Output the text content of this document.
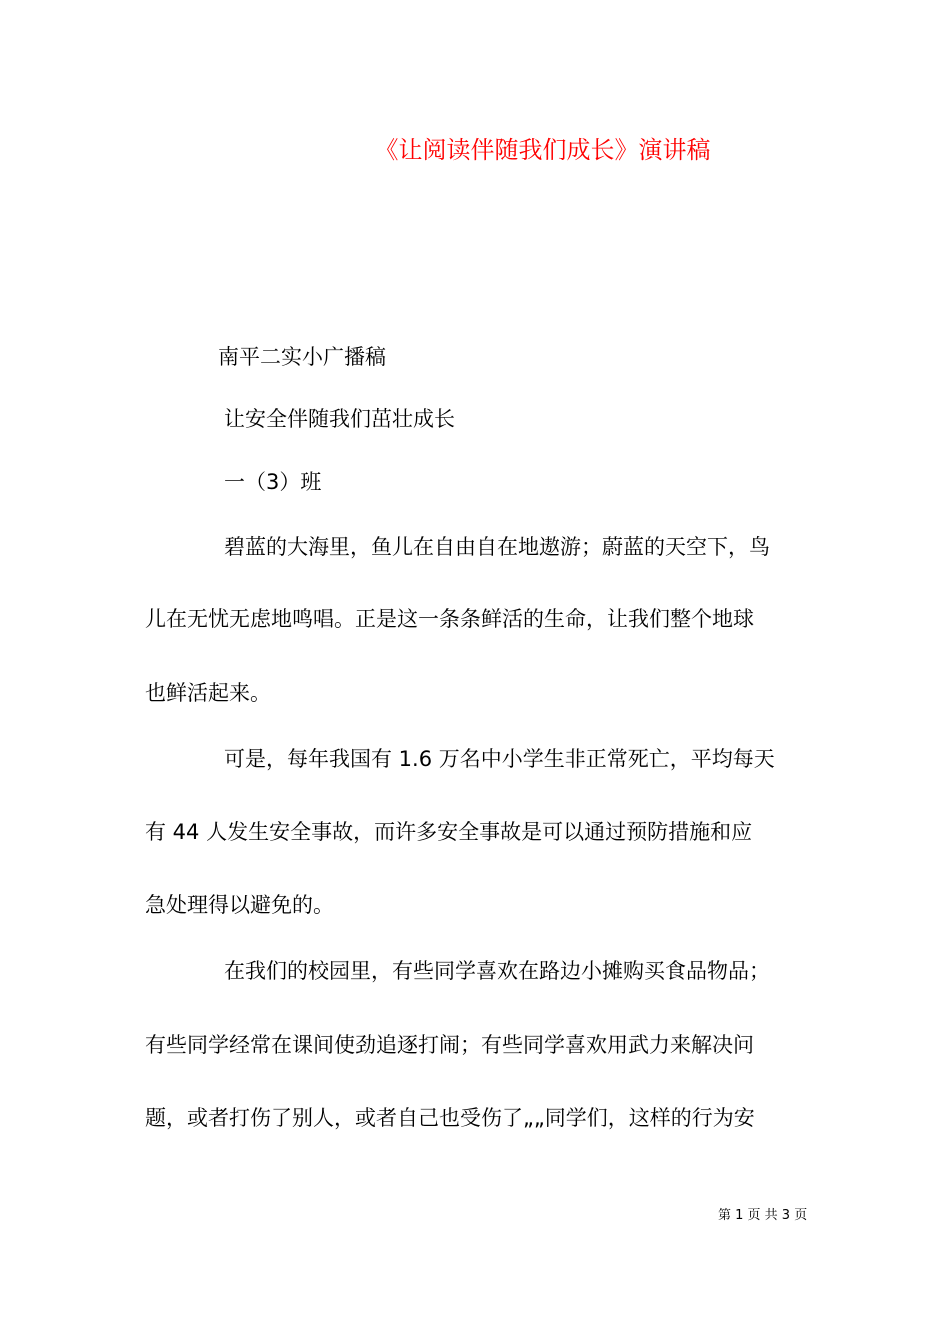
《让阅读伴随我们成长》演讲稿
南平二实小广播稿
让安全伴随我们茁壮成长
一（3）班
碧蓝的大海里，鱼儿在自由自在地遨游；蔚蓝的天空下，鸟
儿在无忧无虑地鸣唱。正是这一条条鲜活的生命，让我们整个地球
也鲜活起来。
可是，每年我国有 1.6 万名中小学生非正常死亡，平均每天
有 44 人发生安全事故，而许多安全事故是可以通过预防措施和应
急处理得以避免的。
在我们的校园里，有些同学喜欢在路边小摊购买食品物品；
有些同学经常在课间使劲追逐打闹；有些同学喜欢用武力来解决问
题，或者打伤了别人，或者自己也受伤了„„同学们，这样的行为安
第 1 页 共 3 页
